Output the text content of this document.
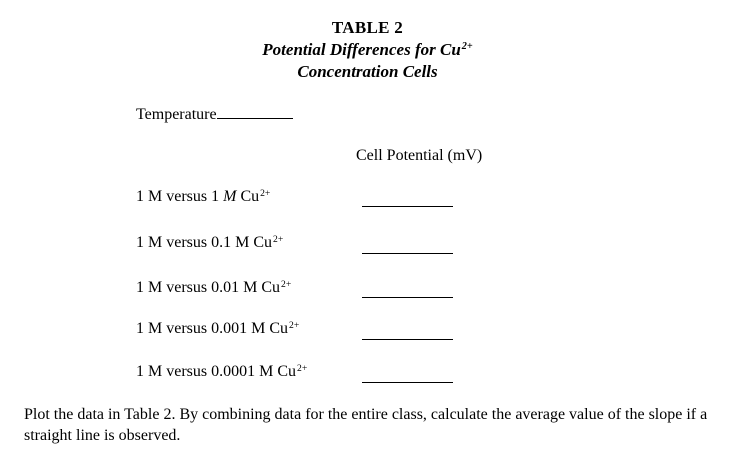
TABLE 2
Potential Differences for $Cu^{2+}$
Concentration Cells
Temperature
Cell Potential (mV)
1 M versus 1 M $Cu^{2+}$
1 M versus 0.1 M $Cu^{2+}$
1 M versus 0.01 M $Cu^{2+}$
1 M versus 0.001 M $Cu^{2+}$
1 M versus 0.0001 M $Cu^{2+}$
Plot the data in Table 2. By combining data for the entire class, calculate the average value of the slope if a straight line is observed.
